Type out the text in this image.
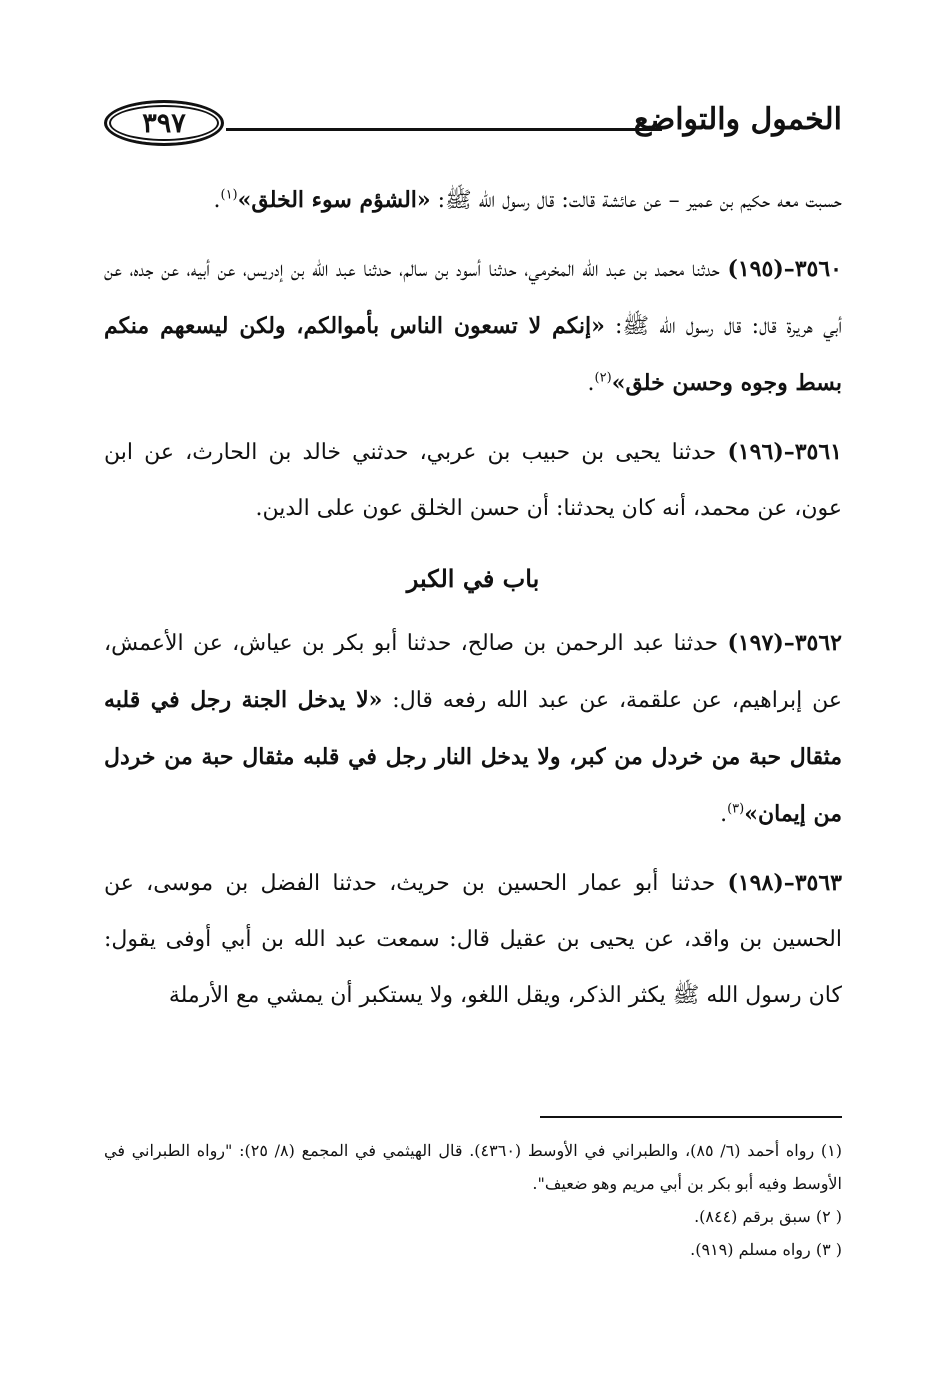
الخمول والتواضع
٣٩٧

حسبت معه حكيم بن عمير – عن عائشة قالت: قال رسول الله ﷺ: «الشؤم سوء الخلق»$^{(١)}$.

٣٥٦٠–(١٩٥) حدثنا محمد بن عبد الله المخرمي، حدثنا أسود بن سالم، حدثنا عبد الله بن إدريس، عن أبيه، عن جده، عن أبي هريرة قال: قال رسول الله ﷺ: «إنكم لا تسعون الناس بأموالكم، ولكن ليسعهم منكم بسط وجوه وحسن خلق»$^{(٢)}$.

٣٥٦١–(١٩٦) حدثنا يحيى بن حبيب بن عربي، حدثني خالد بن الحارث، عن ابن عون، عن محمد، أنه كان يحدثنا: أن حسن الخلق عون على الدين.

باب في الكبر

٣٥٦٢–(١٩٧) حدثنا عبد الرحمن بن صالح، حدثنا أبو بكر بن عياش، عن الأعمش، عن إبراهيم، عن علقمة، عن عبد الله رفعه قال: «لا يدخل الجنة رجل في قلبه مثقال حبة من خردل من كبر، ولا يدخل النار رجل في قلبه مثقال حبة من خردل من إيمان»$^{(٣)}$.

٣٥٦٣–(١٩٨) حدثنا أبو عمار الحسين بن حريث، حدثنا الفضل بن موسى، عن الحسين بن واقد، عن يحيى بن عقيل قال: سمعت عبد الله بن أبي أوفى يقول: كان رسول الله ﷺ يكثر الذكر، ويقل اللغو، ولا يستكبر أن يمشي مع الأرملة

(١) رواه أحمد (٦/ ٨٥)، والطبراني في الأوسط (٤٣٦٠). قال الهيثمي في المجمع (٨/ ٢٥): "رواه الطبراني في الأوسط وفيه أبو بكر بن أبي مريم وهو ضعيف".

( ٢) سبق برقم (٨٤٤).

( ٣) رواه مسلم (٩١٩).
